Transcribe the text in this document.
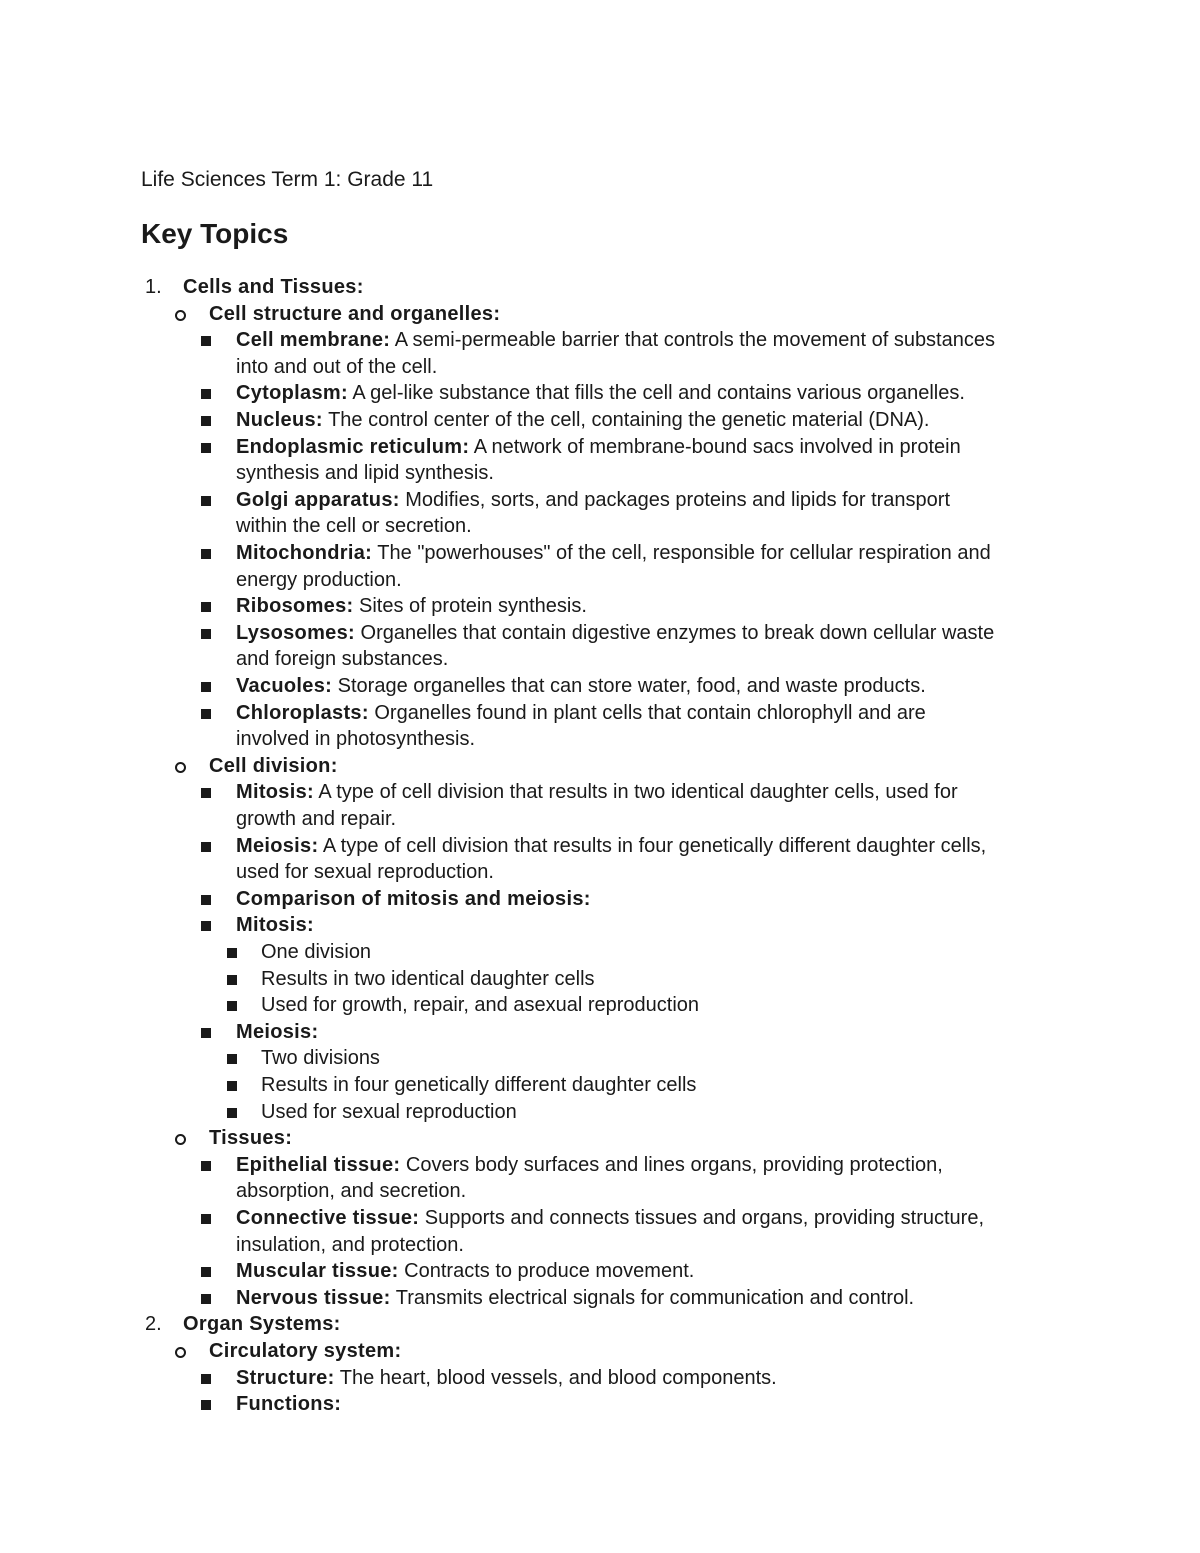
Life Sciences Term 1: Grade 11
Key Topics
1. Cells and Tissues:
Cell structure and organelles:
Cell membrane: A semi-permeable barrier that controls the movement of substances
into and out of the cell.
Cytoplasm: A gel-like substance that fills the cell and contains various organelles.
Nucleus: The control center of the cell, containing the genetic material (DNA).
Endoplasmic reticulum: A network of membrane-bound sacs involved in protein
synthesis and lipid synthesis.
Golgi apparatus: Modifies, sorts, and packages proteins and lipids for transport
within the cell or secretion.
Mitochondria: The "powerhouses" of the cell, responsible for cellular respiration and
energy production.
Ribosomes: Sites of protein synthesis.
Lysosomes: Organelles that contain digestive enzymes to break down cellular waste
and foreign substances.
Vacuoles: Storage organelles that can store water, food, and waste products.
Chloroplasts: Organelles found in plant cells that contain chlorophyll and are
involved in photosynthesis.
Cell division:
Mitosis: A type of cell division that results in two identical daughter cells, used for
growth and repair.
Meiosis: A type of cell division that results in four genetically different daughter cells,
used for sexual reproduction.
Comparison of mitosis and meiosis:
Mitosis:
One division
Results in two identical daughter cells
Used for growth, repair, and asexual reproduction
Meiosis:
Two divisions
Results in four genetically different daughter cells
Used for sexual reproduction
Tissues:
Epithelial tissue: Covers body surfaces and lines organs, providing protection,
absorption, and secretion.
Connective tissue: Supports and connects tissues and organs, providing structure,
insulation, and protection.
Muscular tissue: Contracts to produce movement.
Nervous tissue: Transmits electrical signals for communication and control.
2. Organ Systems:
Circulatory system:
Structure: The heart, blood vessels, and blood components.
Functions:
